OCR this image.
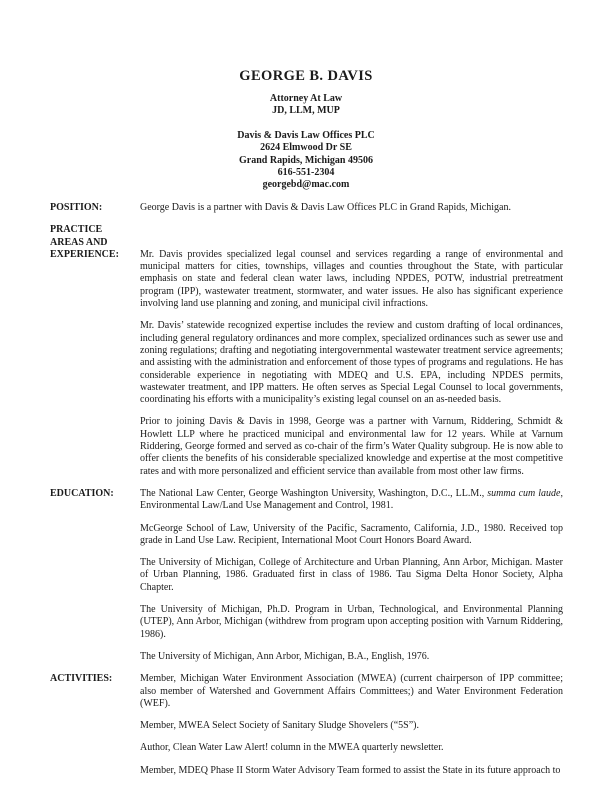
GEORGE B. DAVIS
Attorney At Law
JD, LLM, MUP
Davis & Davis Law Offices PLC
2624 Elmwood Dr SE
Grand Rapids, Michigan 49506
616-551-2304
georgebd@mac.com
POSITION:	George Davis is a partner with Davis & Davis Law Offices PLC in Grand Rapids, Michigan.

PRACTICE
AREAS AND
EXPERIENCE:	Mr. Davis provides specialized legal counsel and services regarding a range of environmental and municipal matters for cities, townships, villages and counties throughout the State, with particular emphasis on state and federal clean water laws, including NPDES, POTW, industrial pretreatment program (IPP), wastewater treatment, stormwater, and water issues. He also has significant experience involving land use planning and zoning, and municipal civil infractions.

Mr. Davis’ statewide recognized expertise includes the review and custom drafting of local ordinances, including general regulatory ordinances and more complex, specialized ordinances such as sewer use and zoning regulations; drafting and negotiating intergovernmental wastewater treatment service agreements; and assisting with the administration and enforcement of those types of programs and regulations. He has considerable experience in negotiating with MDEQ and U.S. EPA, including NPDES permits, wastewater treatment, and IPP matters. He often serves as Special Legal Counsel to local governments, coordinating his efforts with a municipality’s existing legal counsel on an as-needed basis.

Prior to joining Davis & Davis in 1998, George was a partner with Varnum, Riddering, Schmidt & Howlett LLP where he practiced municipal and environmental law for 12 years. While at Varnum Riddering, George formed and served as co-chair of the firm’s Water Quality subgroup. He is now able to offer clients the benefits of his considerable specialized knowledge and expertise at the most competitive rates and with more personalized and efficient service than available from most other law firms.

EDUCATION:	The National Law Center, George Washington University, Washington, D.C., LL.M., summa cum laude, Environmental Law/Land Use Management and Control, 1981.

McGeorge School of Law, University of the Pacific, Sacramento, California, J.D., 1980. Received top grade in Land Use Law. Recipient, International Moot Court Honors Board Award.

The University of Michigan, College of Architecture and Urban Planning, Ann Arbor, Michigan. Master of Urban Planning, 1986. Graduated first in class of 1986. Tau Sigma Delta Honor Society, Alpha Chapter.

The University of Michigan, Ph.D. Program in Urban, Technological, and Environmental Planning (UTEP), Ann Arbor, Michigan (withdrew from program upon accepting position with Varnum Riddering, 1986).

The University of Michigan, Ann Arbor, Michigan, B.A., English, 1976.

ACTIVITIES:	Member, Michigan Water Environment Association (MWEA) (current chairperson of IPP committee; also member of Watershed and Government Affairs Committees;) and Water Environment Federation (WEF).

Member, MWEA Select Society of Sanitary Sludge Shovelers (“5S”).

Author, Clean Water Law Alert! column in the MWEA quarterly newsletter.

Member, MDEQ Phase II Storm Water Advisory Team formed to assist the State in its future approach to
